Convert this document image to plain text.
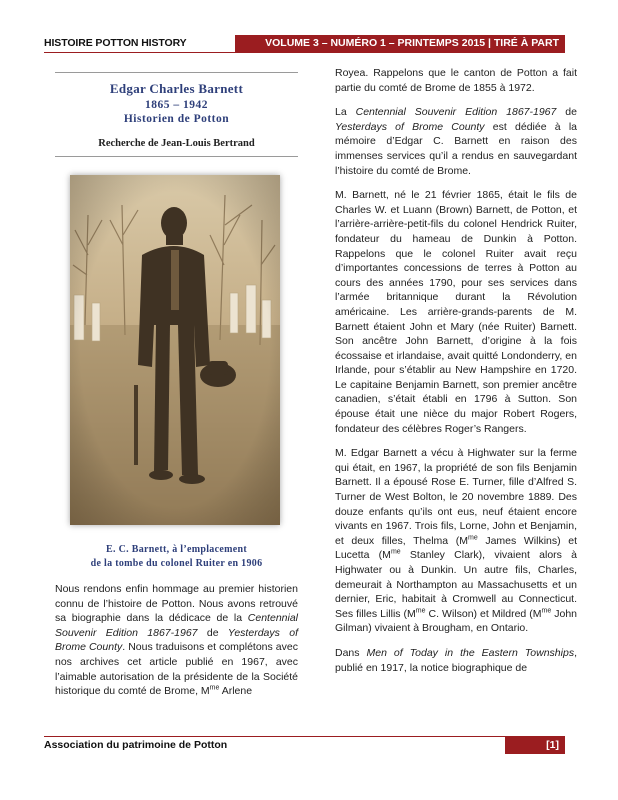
HISTOIRE POTTON HISTORY	VOLUME 3 – NUMÉRO 1 – PRINTEMPS 2015 | TIRÉ À PART
Edgar Charles Barnett
1865 – 1942
Historien de Potton
Recherche de Jean-Louis Bertrand
E. C. Barnett, à l’emplacement
de la tombe du colonel Ruiter en 1906

Nous rendons enfin hommage au premier historien connu de l’histoire de Potton. Nous avons retrouvé sa biographie dans la dédicace de la Centennial Souvenir Edition 1867-1967 de Yesterdays of Brome County. Nous traduisons et complétons avec nos archives cet article publié en 1967, avec l’aimable autorisation de la présidente de la Société historique du comté de Brome, $M^{me}$ Arlene

Royea. Rappelons que le canton de Potton a fait partie du comté de Brome de 1855 à 1972.

La Centennial Souvenir Edition 1867-1967 de Yesterdays of Brome County est dédiée à la mémoire d’Edgar C. Barnett en raison des immenses services qu’il a rendus en sauvegardant l’histoire du comté de Brome.

M. Barnett, né le 21 février 1865, était le fils de Charles W. et Luann (Brown) Barnett, de Potton, et l’arrière-arrière-petit-fils du colonel Hendrick Ruiter, fondateur du hameau de Dunkin à Potton. Rappelons que le colonel Ruiter avait reçu d’importantes concessions de terres à Potton au cours des années 1790, pour ses services dans l’armée britannique durant la Révolution américaine. Les arrière-grands-parents de M. Barnett étaient John et Mary (née Ruiter) Barnett. Son ancêtre John Barnett, d’origine à la fois écossaise et irlandaise, avait quitté Londonderry, en Irlande, pour s’établir au New Hampshire en 1720. Le capitaine Benjamin Barnett, son premier ancêtre canadien, s’était établi en 1796 à Sutton. Son épouse était une nièce du major Robert Rogers, fondateur des célèbres Roger’s Rangers.

M. Edgar Barnett a vécu à Highwater sur la ferme qui était, en 1967, la propriété de son fils Benjamin Barnett. Il a épousé Rose E. Turner, fille d’Alfred S. Turner de West Bolton, le 20 novembre 1889. Des douze enfants qu’ils ont eus, neuf étaient encore vivants en 1967. Trois fils, Lorne, John et Benjamin, et deux filles, Thelma ($M^{me}$ James Wilkins) et Lucetta ($M^{me}$ Stanley Clark), vivaient alors à Highwater ou à Dunkin. Un autre fils, Charles, demeurait à Northampton au Massachusetts et un dernier, Eric, habitait à Cromwell au Connecticut. Ses filles Lillis ($M^{me}$ C. Wilson) et Mildred ($M^{me}$ John Gilman) vivaient à Brougham, en Ontario.

Dans Men of Today in the Eastern Townships, publié en 1917, la notice biographique de

Association du patrimoine de Potton	[1]
